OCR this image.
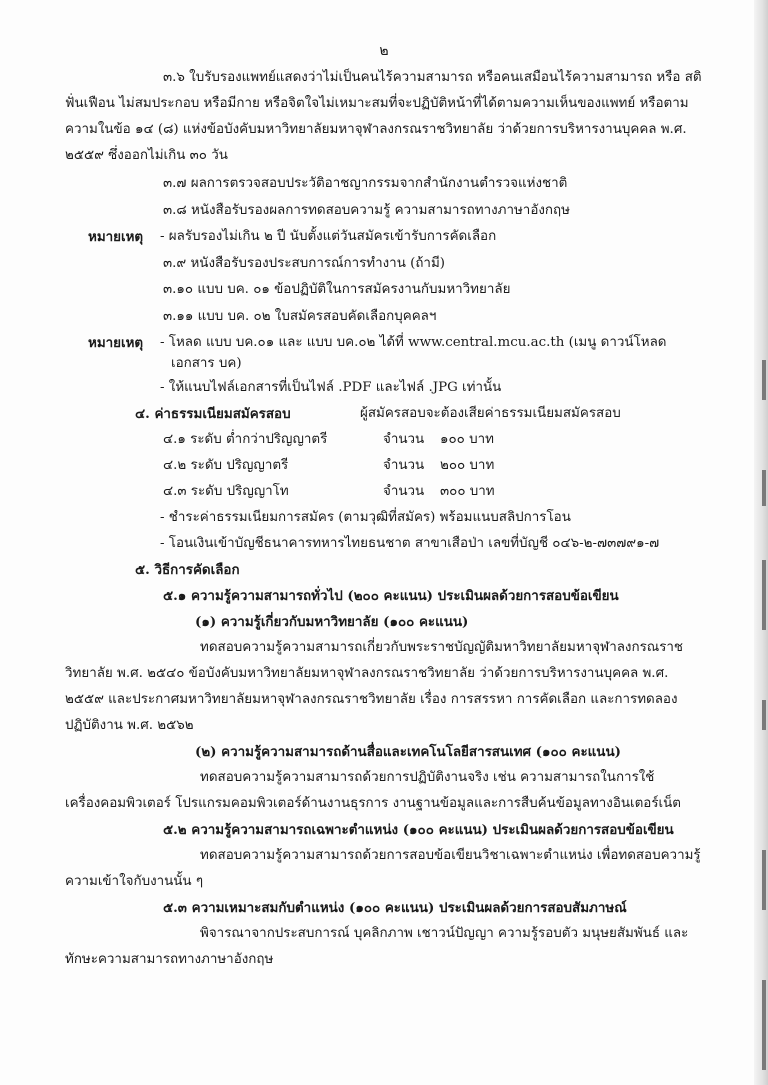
๒
๓.๖ ใบรับรองแพทย์แสดงว่าไม่เป็นคนไร้ความสามารถ หรือคนเสมือนไร้ความสามารถ หรือ สติ
ฟั่นเฟือน ไม่สมประกอบ หรือมีกาย หรือจิตใจไม่เหมาะสมที่จะปฏิบัติหน้าที่ได้ตามความเห็นของแพทย์ หรือตาม
ความในข้อ ๑๔ (๘) แห่งข้อบังคับมหาวิทยาลัยมหาจุฬาลงกรณราชวิทยาลัย ว่าด้วยการบริหารงานบุคคล พ.ศ.
๒๕๕๙ ซึ่งออกไม่เกิน ๓๐ วัน
๓.๗ ผลการตรวจสอบประวัติอาชญากรรมจากสำนักงานตำรวจแห่งชาติ
๓.๘ หนังสือรับรองผลการทดสอบความรู้ ความสามารถทางภาษาอังกฤษ
หมายเหตุ - ผลรับรองไม่เกิน ๒ ปี นับตั้งแต่วันสมัครเข้ารับการคัดเลือก
๓.๙ หนังสือรับรองประสบการณ์การทำงาน (ถ้ามี)
๓.๑๐ แบบ บค. ๐๑ ข้อปฏิบัติในการสมัครงานกับมหาวิทยาลัย
๓.๑๑ แบบ บค. ๐๒ ใบสมัครสอบคัดเลือกบุคคลฯ
หมายเหตุ - โหลด แบบ บค.๐๑ และ แบบ บค.๐๒ ได้ที่ www.central.mcu.ac.th (เมนู ดาวน์โหลด
เอกสาร บค)
- ให้แนบไฟล์เอกสารที่เป็นไฟล์ .PDF และไฟล์ .JPG เท่านั้น
๔. ค่าธรรมเนียมสมัครสอบ	ผู้สมัครสอบจะต้องเสียค่าธรรมเนียมสมัครสอบ
๔.๑ ระดับ ต่ำกว่าปริญญาตรี	จำนวน ๑๐๐ บาท
๔.๒ ระดับ ปริญญาตรี	จำนวน ๒๐๐ บาท
๔.๓ ระดับ ปริญญาโท	จำนวน ๓๐๐ บาท
- ชำระค่าธรรมเนียมการสมัคร (ตามวุฒิที่สมัคร) พร้อมแนบสลิปการโอน
- โอนเงินเข้าบัญชีธนาคารทหารไทยธนชาต สาขาเสือป่า เลขที่บัญชี ๐๔๖-๒-๗๓๗๙๑-๗
๕. วิธีการคัดเลือก
๕.๑ ความรู้ความสามารถทั่วไป (๒๐๐ คะแนน) ประเมินผลด้วยการสอบข้อเขียน
(๑) ความรู้เกี่ยวกับมหาวิทยาลัย (๑๐๐ คะแนน)
ทดสอบความรู้ความสามารถเกี่ยวกับพระราชบัญญัติมหาวิทยาลัยมหาจุฬาลงกรณราช
วิทยาลัย พ.ศ. ๒๕๔๐ ข้อบังคับมหาวิทยาลัยมหาจุฬาลงกรณราชวิทยาลัย ว่าด้วยการบริหารงานบุคคล พ.ศ.
๒๕๕๙ และประกาศมหาวิทยาลัยมหาจุฬาลงกรณราชวิทยาลัย เรื่อง การสรรหา การคัดเลือก และการทดลอง
ปฏิบัติงาน พ.ศ. ๒๕๖๒
(๒) ความรู้ความสามารถด้านสื่อและเทคโนโลยีสารสนเทศ (๑๐๐ คะแนน)
ทดสอบความรู้ความสามารถด้วยการปฏิบัติงานจริง เช่น ความสามารถในการใช้
เครื่องคอมพิวเตอร์ โปรแกรมคอมพิวเตอร์ด้านงานธุรการ งานฐานข้อมูลและการสืบค้นข้อมูลทางอินเตอร์เน็ต
๕.๒ ความรู้ความสามารถเฉพาะตำแหน่ง (๑๐๐ คะแนน) ประเมินผลด้วยการสอบข้อเขียน
ทดสอบความรู้ความสามารถด้วยการสอบข้อเขียนวิชาเฉพาะตำแหน่ง เพื่อทดสอบความรู้
ความเข้าใจกับงานนั้น ๆ
๕.๓ ความเหมาะสมกับตำแหน่ง (๑๐๐ คะแนน) ประเมินผลด้วยการสอบสัมภาษณ์
พิจารณาจากประสบการณ์ บุคลิกภาพ เชาวน์ปัญญา ความรู้รอบตัว มนุษยสัมพันธ์ และ
ทักษะความสามารถทางภาษาอังกฤษ
